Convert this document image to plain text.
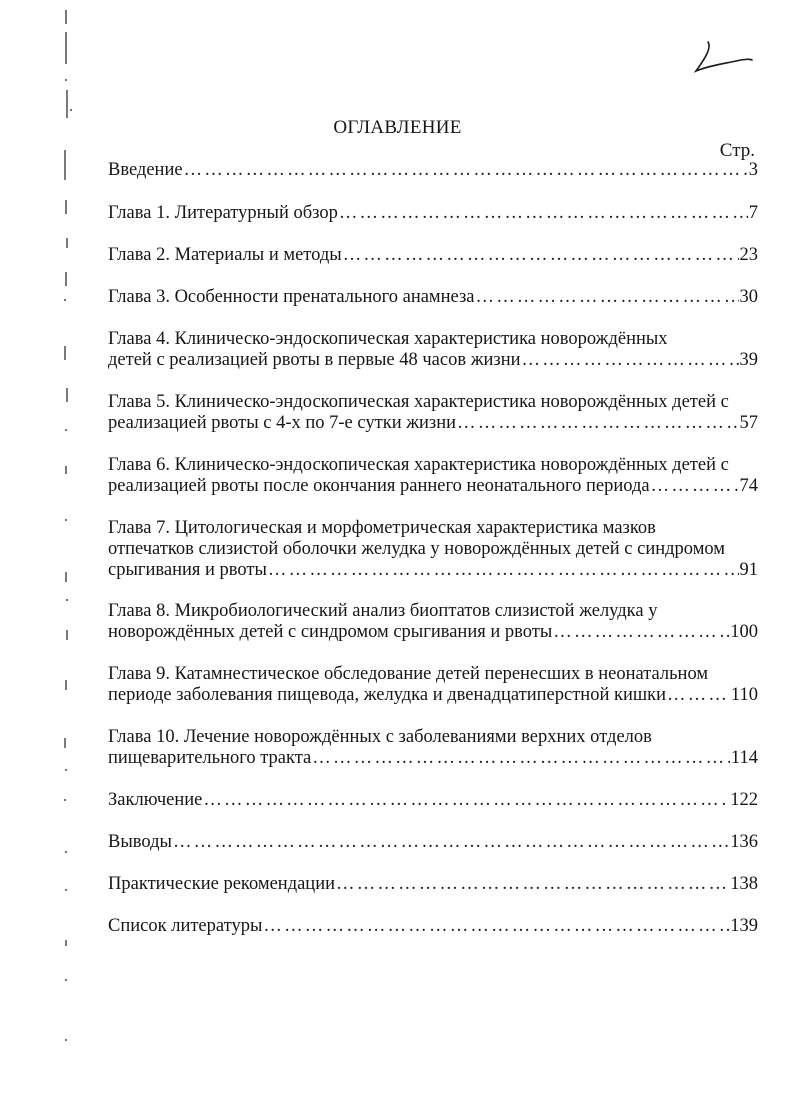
ОГЛАВЛЕНИЕ
Стр.
Введение …………………………………………………………………………………………………………………………………………………………	3
Глава 1. Литературный обзор …………………………………………………………………………………………………………………………………………………………	7
Глава 2. Материалы и методы …………………………………………………………………………………………………………………………………………………………	23
Глава 3. Особенности пренатального анамнеза …………………………………………………………………………………………………………………………………………………………	30
Глава 4. Клиническо-эндоскопическая характеристика новорождённых
детей с реализацией рвоты в первые 48 часов жизни …………………………………………………………………………………………………………………………………………………………	39
Глава 5. Клиническо-эндоскопическая характеристика новорождённых детей с
реализацией рвоты с 4-х по 7-е сутки жизни …………………………………………………………………………………………………………………………………………………………	57
Глава 6. Клиническо-эндоскопическая характеристика новорождённых детей с
реализацией рвоты после окончания раннего неонатального периода …………………………………………………………………………………………………………………………………………………………	74
Глава 7. Цитологическая и морфометрическая характеристика мазков
отпечатков слизистой оболочки желудка у новорождённых детей с синдромом
срыгивания и рвоты …………………………………………………………………………………………………………………………………………………………	91
Глава 8. Микробиологический анализ биоптатов слизистой желудка у
новорождённых детей с синдромом срыгивания и рвоты …………………………………………………………………………………………………………………………………………………………	100
Глава 9. Катамнестическое обследование детей перенесших в неонатальном
периоде заболевания пищевода, желудка и двенадцатиперстной кишки …………………………………………………………………………………………………………………………………………………………	110
Глава 10. Лечение новорождённых с заболеваниями верхних отделов
пищеварительного тракта …………………………………………………………………………………………………………………………………………………………	114
Заключение …………………………………………………………………………………………………………………………………………………………	122
Выводы …………………………………………………………………………………………………………………………………………………………	136
Практические рекомендации …………………………………………………………………………………………………………………………………………………………	138
Список литературы …………………………………………………………………………………………………………………………………………………………	139
